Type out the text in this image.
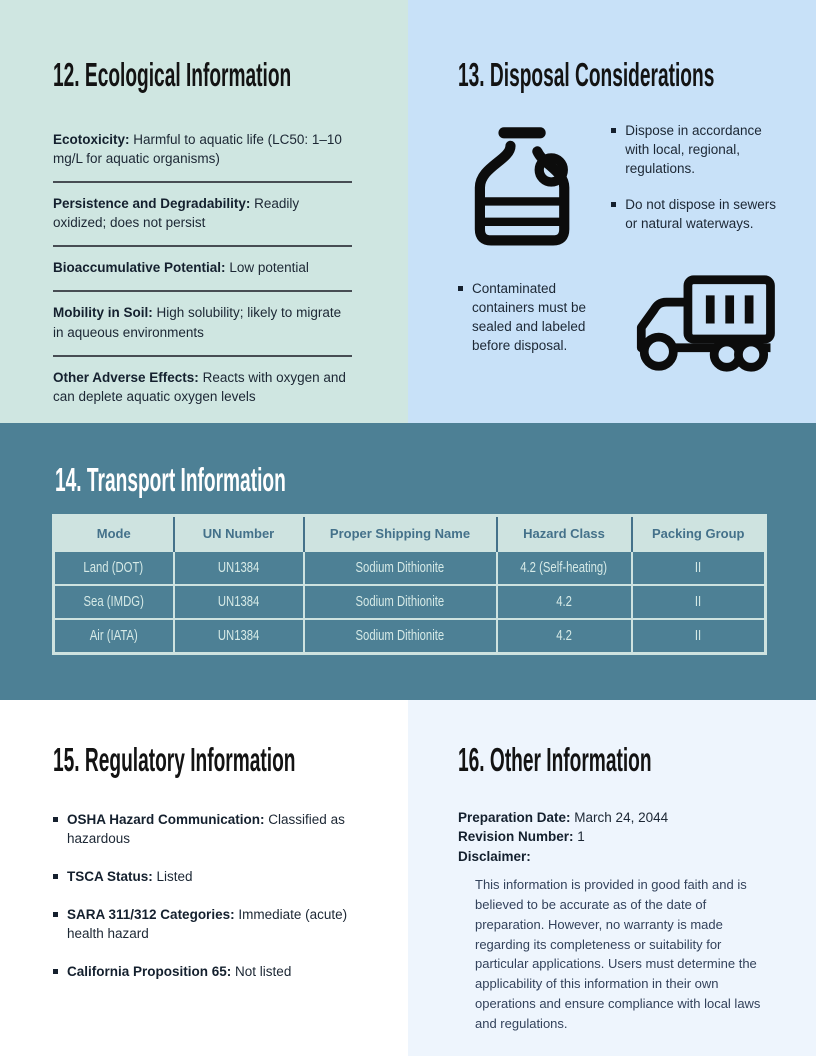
12. Ecological Information
Ecotoxicity: Harmful to aquatic life (LC50: 1–10 mg/L for aquatic organisms)
Persistence and Degradability: Readily oxidized; does not persist
Bioaccumulative Potential: Low potential
Mobility in Soil: High solubility; likely to migrate in aqueous environments
Other Adverse Effects: Reacts with oxygen and can deplete aquatic oxygen levels
13. Disposal Considerations
Dispose in accordance with local, regional, regulations.
Do not dispose in sewers or natural waterways.
Contaminated containers must be sealed and labeled before disposal.
14. Transport Information
Mode	UN Number	Proper Shipping Name	Hazard Class	Packing Group
Land (DOT)	UN1384	Sodium Dithionite	4.2 (Self-heating)	II
Sea (IMDG)	UN1384	Sodium Dithionite	4.2	II
Air (IATA)	UN1384	Sodium Dithionite	4.2	II
15. Regulatory Information
OSHA Hazard Communication: Classified as hazardous
TSCA Status: Listed
SARA 311/312 Categories: Immediate (acute) health hazard
California Proposition 65: Not listed
16. Other Information

Preparation Date: March 24, 2044

Revision Number: 1

Disclaimer:

This information is provided in good faith and is believed to be accurate as of the date of preparation. However, no warranty is made regarding its completeness or suitability for particular applications. Users must determine the applicability of this information in their own operations and ensure compliance with local laws and regulations.
